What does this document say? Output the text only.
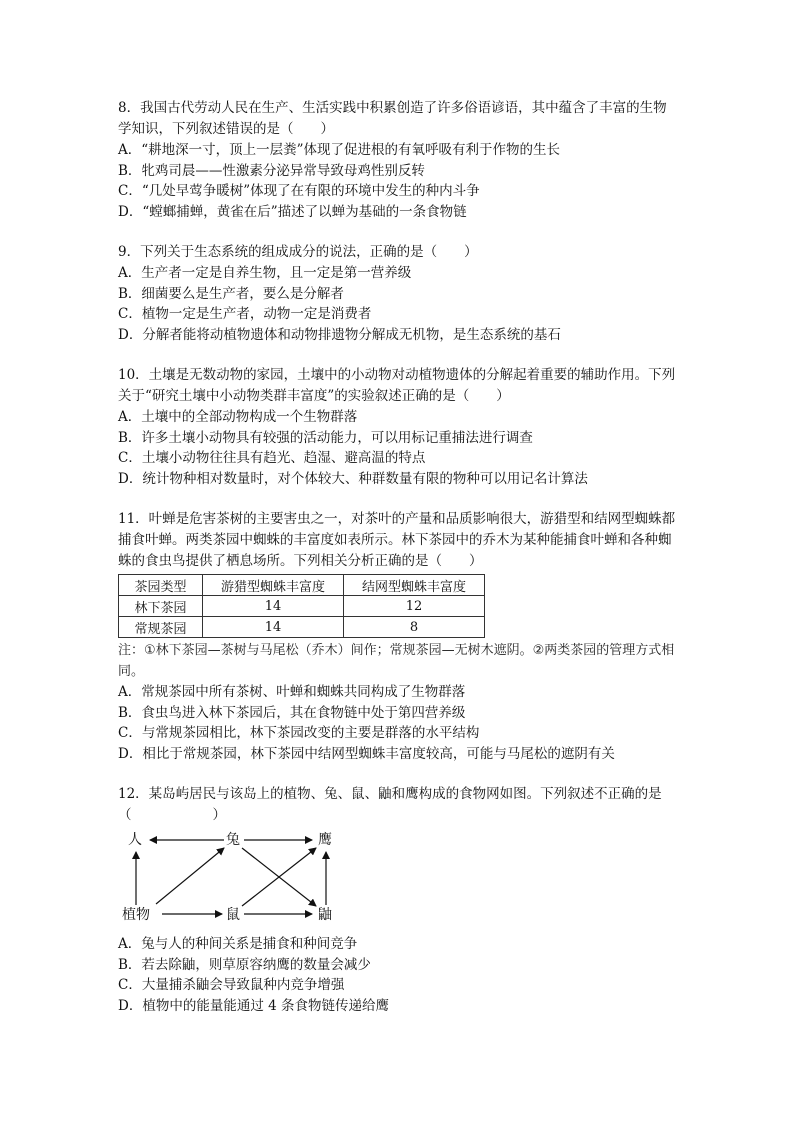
8．我国古代劳动人民在生产、生活实践中积累创造了许多俗语谚语，其中蕴含了丰富的生物学知识，下列叙述错误的是（　　）

A．“耕地深一寸，顶上一层粪”体现了促进根的有氧呼吸有利于作物的生长

B．牝鸡司晨——性激素分泌异常导致母鸡性别反转

C．“几处早莺争暖树”体现了在有限的环境中发生的种内斗争

D．“螳螂捕蝉，黄雀在后”描述了以蝉为基础的一条食物链

9．下列关于生态系统的组成成分的说法，正确的是（　　）

A．生产者一定是自养生物，且一定是第一营养级

B．细菌要么是生产者，要么是分解者

C．植物一定是生产者，动物一定是消费者

D．分解者能将动植物遗体和动物排遗物分解成无机物，是生态系统的基石

10．土壤是无数动物的家园，土壤中的小动物对动植物遗体的分解起着重要的辅助作用。下列关于“研究土壤中小动物类群丰富度”的实验叙述正确的是（　　）

A．土壤中的全部动物构成一个生物群落

B．许多土壤小动物具有较强的活动能力，可以用标记重捕法进行调查

C．土壤小动物往往具有趋光、趋湿、避高温的特点

D．统计物种相对数量时，对个体较大、种群数量有限的物种可以用记名计算法

11．叶蝉是危害茶树的主要害虫之一，对茶叶的产量和品质影响很大，游猎型和结网型蜘蛛都捕食叶蝉。两类茶园中蜘蛛的丰富度如表所示。林下茶园中的乔木为某种能捕食叶蝉和各种蜘蛛的食虫鸟提供了栖息场所。下列相关分析正确的是（　　）

茶园类型	游猎型蜘蛛丰富度	结网型蜘蛛丰富度
林下茶园	14	12
常规茶园	14	8

注：①林下茶园—茶树与马尾松（乔木）间作；常规茶园—无树木遮阴。②两类茶园的管理方式相同。

A．常规茶园中所有茶树、叶蝉和蜘蛛共同构成了生物群落

B．食虫鸟进入林下茶园后，其在食物链中处于第四营养级

C．与常规茶园相比，林下茶园改变的主要是群落的水平结构

D．相比于常规茶园，林下茶园中结网型蜘蛛丰富度较高，可能与马尾松的遮阴有关

12．某岛屿居民与该岛上的植物、兔、鼠、鼬和鹰构成的食物网如图。下列叙述不正确的是（　　　　　　）

人	兔	鹰
植物	鼠	鼬

A．兔与人的种间关系是捕食和种间竞争

B．若去除鼬，则草原容纳鹰的数量会减少

C．大量捕杀鼬会导致鼠种内竞争增强

D．植物中的能量能通过 4 条食物链传递给鹰
